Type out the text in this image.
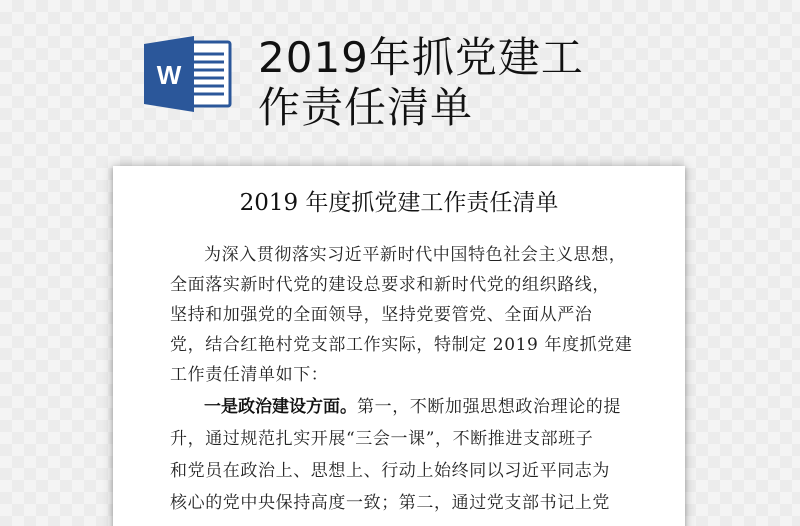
W 2019年抓党建工
作责任清单
2019 年度抓党建工作责任清单
为深入贯彻落实习近平新时代中国特色社会主义思想，
全面落实新时代党的建设总要求和新时代党的组织路线，
坚持和加强党的全面领导，坚持党要管党、全面从严治
党，结合红艳村党支部工作实际，特制定 2019 年度抓党建
工作责任清单如下：
一是政治建设方面。第一，不断加强思想政治理论的提
升，通过规范扎实开展“三会一课”，不断推进支部班子
和党员在政治上、思想上、行动上始终同以习近平同志为
核心的党中央保持高度一致；第二，通过党支部书记上党
